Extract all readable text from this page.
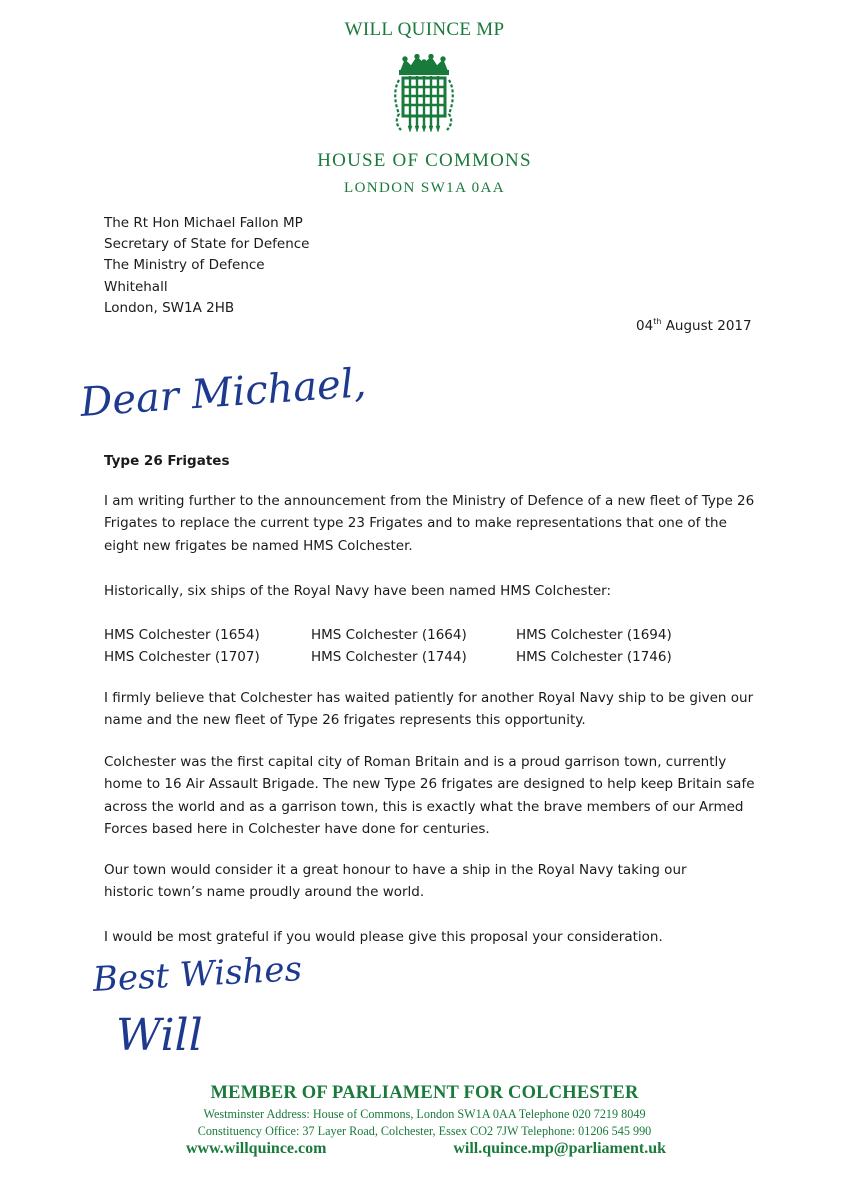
WILL QUINCE MP
HOUSE OF COMMONS
LONDON SW1A 0AA
The Rt Hon Michael Fallon MP
Secretary of State for Defence
The Ministry of Defence
Whitehall
London, SW1A 2HB
04th August 2017
Dear Michael,
Type 26 Frigates
I am writing further to the announcement from the Ministry of Defence of a new fleet of Type 26 Frigates to replace the current type 23 Frigates and to make representations that one of the eight new frigates be named HMS Colchester.
Historically, six ships of the Royal Navy have been named HMS Colchester:
HMS Colchester (1654)	HMS Colchester (1664)	HMS Colchester (1694)
HMS Colchester (1707)	HMS Colchester (1744)	HMS Colchester (1746)
I firmly believe that Colchester has waited patiently for another Royal Navy ship to be given our name and the new fleet of Type 26 frigates represents this opportunity.
Colchester was the first capital city of Roman Britain and is a proud garrison town, currently home to 16 Air Assault Brigade. The new Type 26 frigates are designed to help keep Britain safe across the world and as a garrison town, this is exactly what the brave members of our Armed Forces based here in Colchester have done for centuries.
Our town would consider it a great honour to have a ship in the Royal Navy taking our historic town’s name proudly around the world.
I would be most grateful if you would please give this proposal your consideration.
Best Wishes
Will
MEMBER OF PARLIAMENT FOR COLCHESTER
Westminster Address: House of Commons, London SW1A 0AA Telephone 020 7219 8049
Constituency Office: 37 Layer Road, Colchester, Essex CO2 7JW Telephone: 01206 545 990
www.willquince.com	will.quince.mp@parliament.uk
